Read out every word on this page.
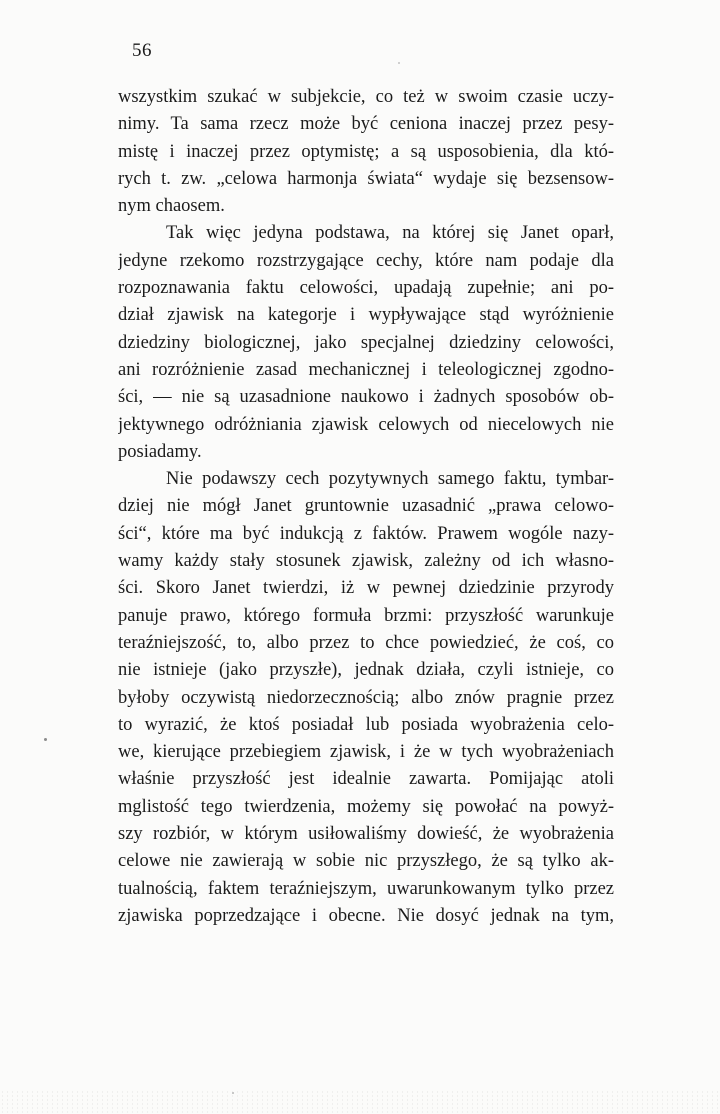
56
wszystkim szukać w subjekcie, co też w swoim czasie uczy-
nimy. Ta sama rzecz może być ceniona inaczej przez pesy-
mistę i inaczej przez optymistę; a są usposobienia, dla któ-
rych t. zw. „celowa harmonja świata“ wydaje się bezsensow-
nym chaosem.
Tak więc jedyna podstawa, na której się Janet oparł,
jedyne rzekomo rozstrzygające cechy, które nam podaje dla
rozpoznawania faktu celowości, upadają zupełnie; ani po-
dział zjawisk na kategorje i wypływające stąd wyróżnienie
dziedziny biologicznej, jako specjalnej dziedziny celowości,
ani rozróżnienie zasad mechanicznej i teleologicznej zgodno-
ści, — nie są uzasadnione naukowo i żadnych sposobów ob-
jektywnego odróżniania zjawisk celowych od niecelowych nie
posiadamy.
Nie podawszy cech pozytywnych samego faktu, tymbar-
dziej nie mógł Janet gruntownie uzasadnić „prawa celowo-
ści“, które ma być indukcją z faktów. Prawem wogóle nazy-
wamy każdy stały stosunek zjawisk, zależny od ich własno-
ści. Skoro Janet twierdzi, iż w pewnej dziedzinie przyrody
panuje prawo, którego formuła brzmi: przyszłość warunkuje
teraźniejszość, to, albo przez to chce powiedzieć, że coś, co
nie istnieje (jako przyszłe), jednak działa, czyli istnieje, co
byłoby oczywistą niedorzecznością; albo znów pragnie przez
to wyrazić, że ktoś posiadał lub posiada wyobrażenia celo-
we, kierujące przebiegiem zjawisk, i że w tych wyobrażeniach
właśnie przyszłość jest idealnie zawarta. Pomijając atoli
mglistość tego twierdzenia, możemy się powołać na powyż-
szy rozbiór, w którym usiłowaliśmy dowieść, że wyobrażenia
celowe nie zawierają w sobie nic przyszłego, że są tylko ak-
tualnością, faktem teraźniejszym, uwarunkowanym tylko przez
zjawiska poprzedzające i obecne. Nie dosyć jednak na tym,
